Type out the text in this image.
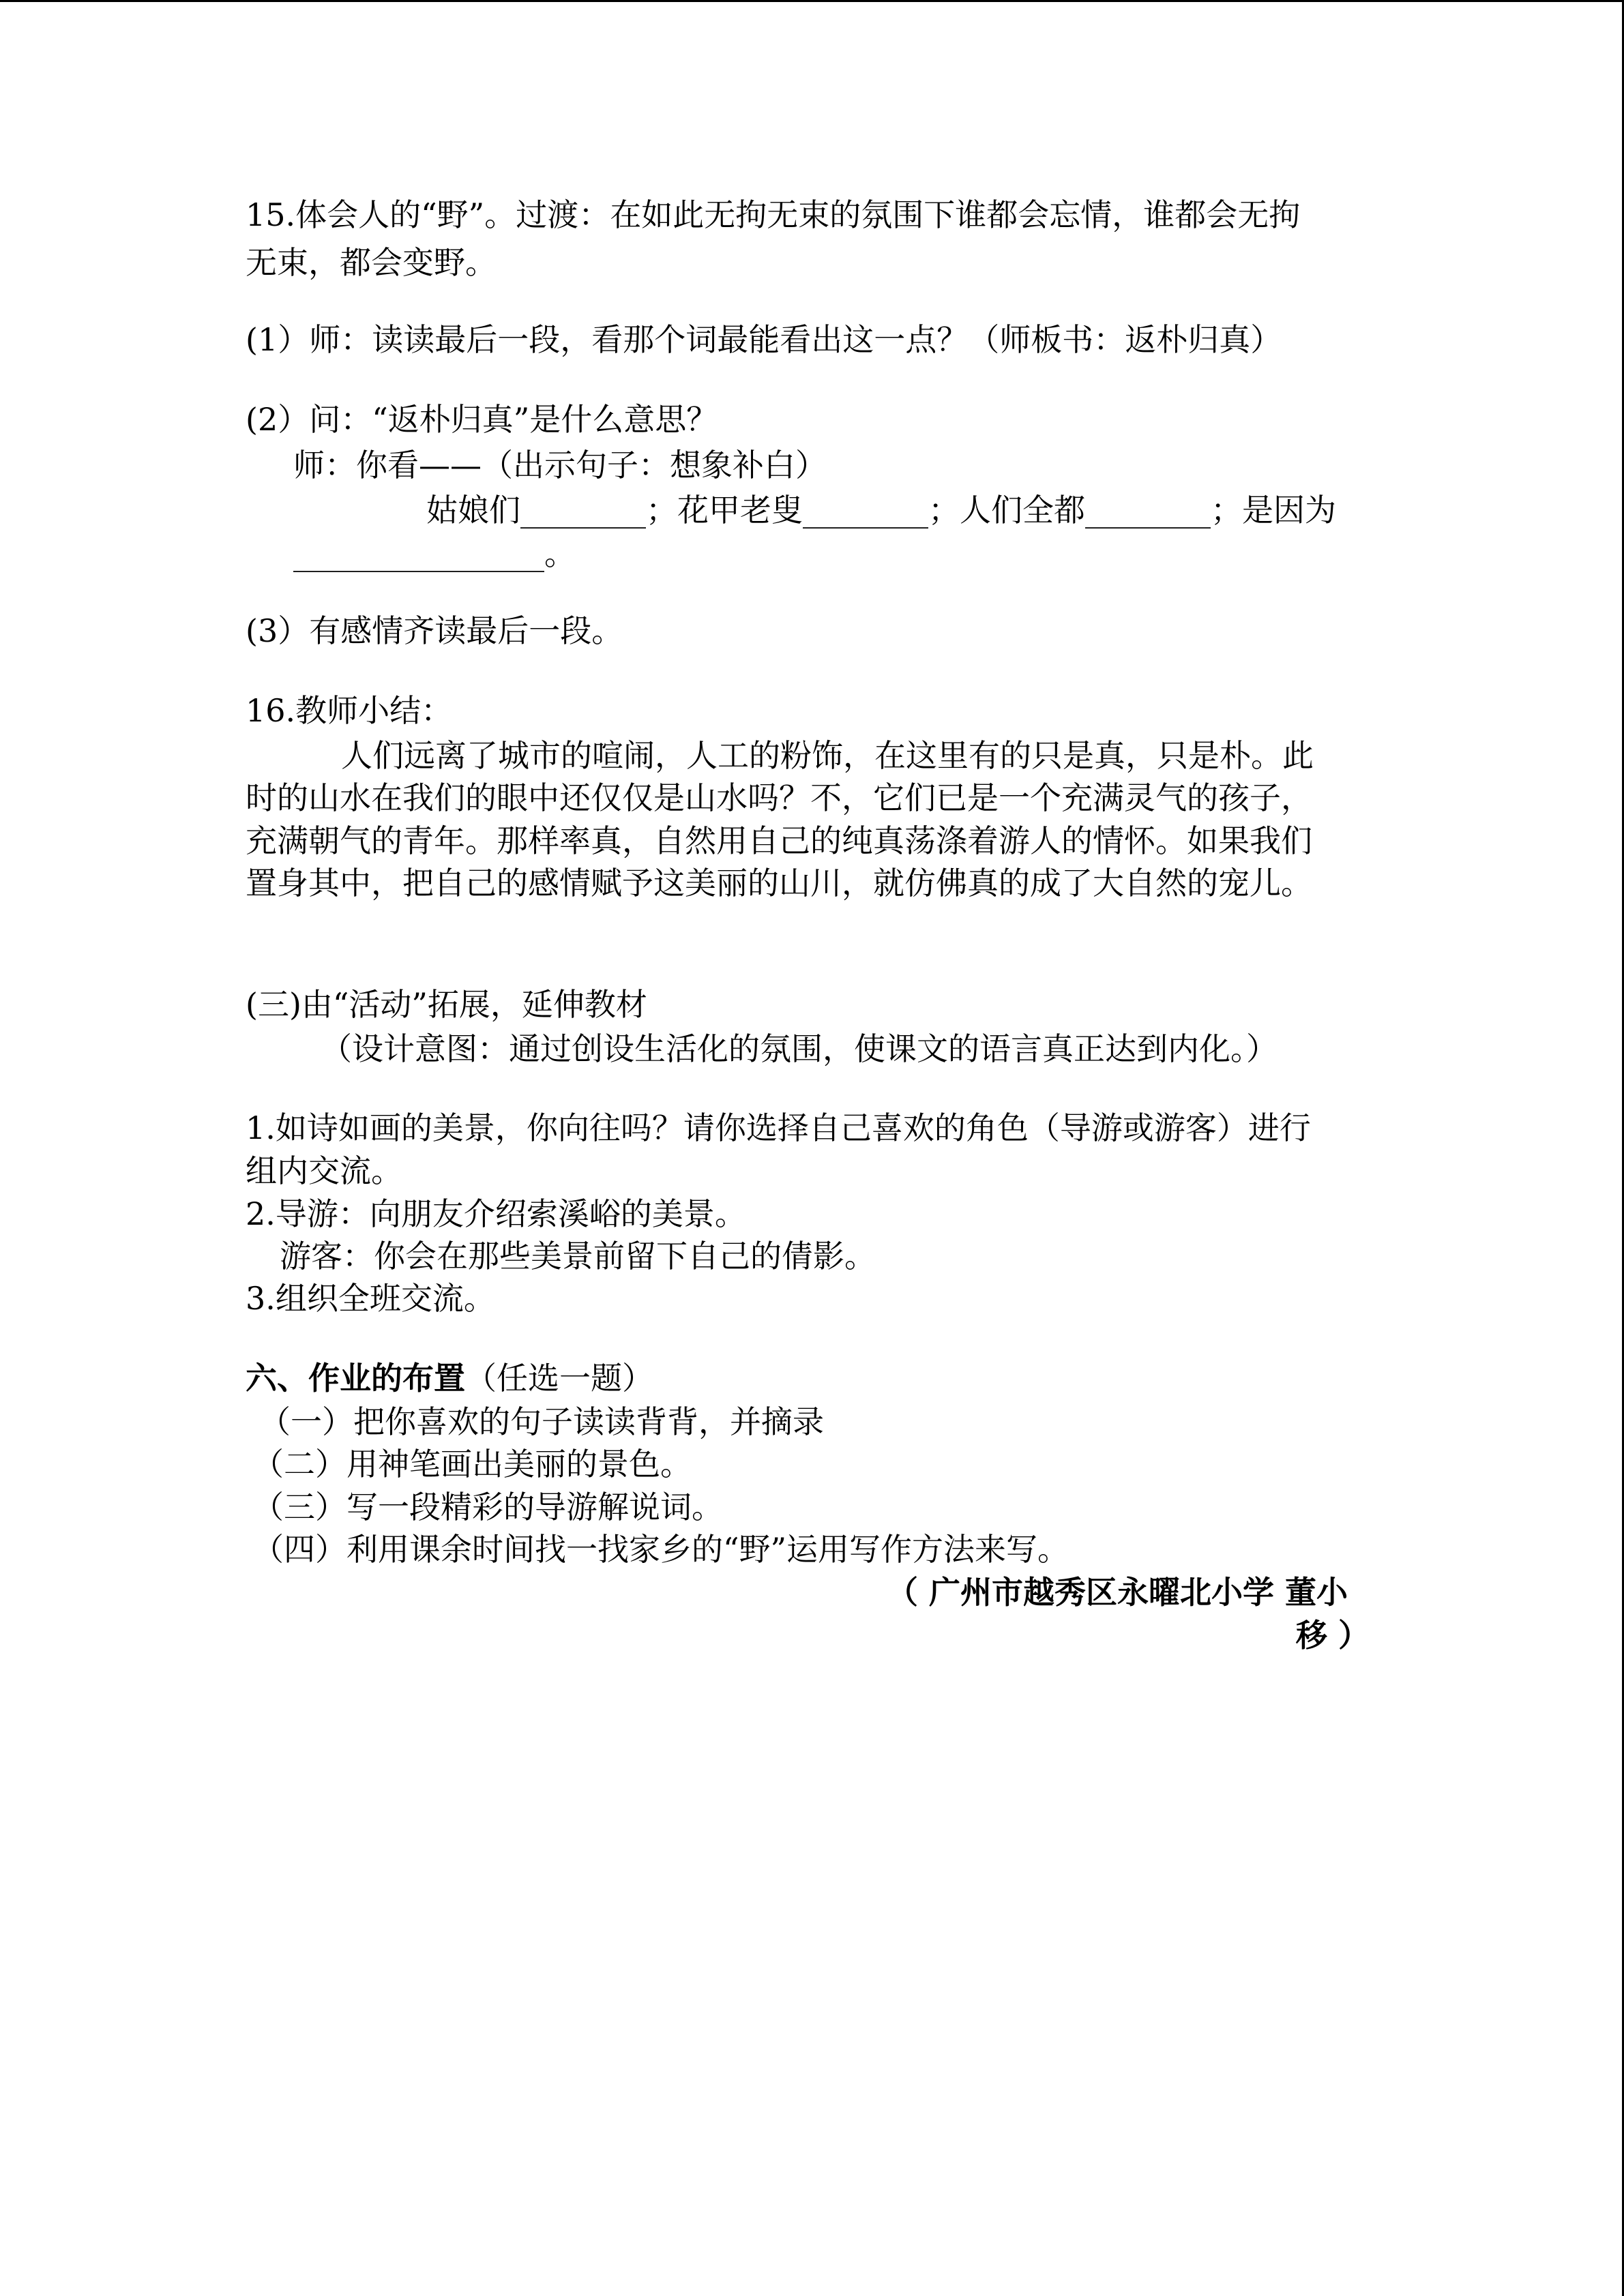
15.体会人的“野”。过渡：在如此无拘无束的氛围下谁都会忘情，谁都会无拘
无束，都会变野。
(1）师：读读最后一段，看那个词最能看出这一点？（师板书：返朴归真）
(2）问：“返朴归真”是什么意思？
师：你看——（出示句子：想象补白）
姑娘们________；花甲老叟________；人们全都________；是因为
________________。
(3）有感情齐读最后一段。
16.教师小结：
人们远离了城市的喧闹，人工的粉饰，在这里有的只是真，只是朴。此
时的山水在我们的眼中还仅仅是山水吗？不，它们已是一个充满灵气的孩子，
充满朝气的青年。那样率真，自然用自己的纯真荡涤着游人的情怀。如果我们
置身其中，把自己的感情赋予这美丽的山川，就仿佛真的成了大自然的宠儿。
(三)由“活动”拓展，延伸教材
（设计意图：通过创设生活化的氛围，使课文的语言真正达到内化。）
1.如诗如画的美景，你向往吗？请你选择自己喜欢的角色（导游或游客）进行
组内交流。
2.导游：向朋友介绍索溪峪的美景。
游客：你会在那些美景前留下自己的倩影。
3.组织全班交流。
六、作业的布置（任选一题）
（一）把你喜欢的句子读读背背，并摘录
（二）用神笔画出美丽的景色。
（三）写一段精彩的导游解说词。
（四）利用课余时间找一找家乡的“野”运用写作方法来写。
（ 广州市越秀区永曜北小学 董小
移 ）
